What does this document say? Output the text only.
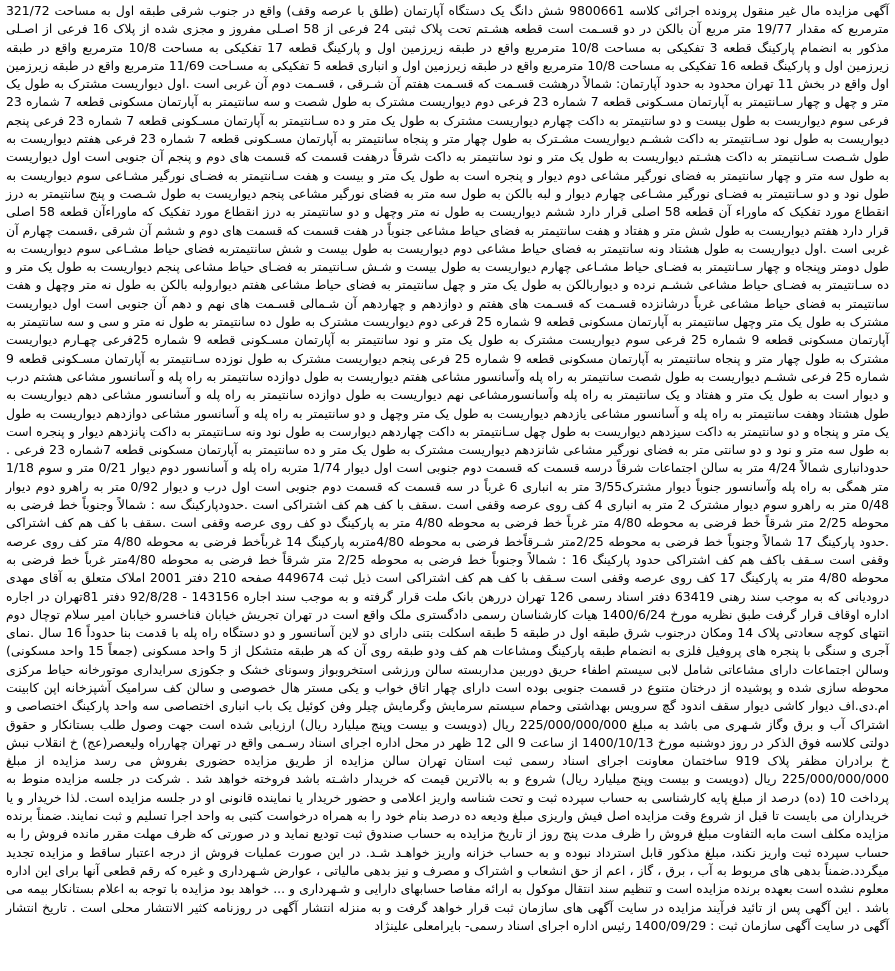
آگهی مزایده مال غیر منقول پرونده اجرائی کلاسه 9800661 شش دانگ یک دستگاه آپارتمان (طلق با عرصه وقف) واقع در جنوب شرقی طبقه اول به مساحت 321/72 مترمربع که مقدار 19/77 متر مربع آن بالکن در دو قسـمت است قطعه هشـتم تحت پلاک ثبتی 24 فرعی از 58 اصـلی مفروز و مجزی شده از پلاک 16 فرعی از اصـلی مذکور به انضمام پارکینگ قطعه 3 تفکیکی به مساحت 10/8 مترمربع واقع در طبقه زیرزمین اول و پارکینگ قطعه 17 تفکیکی به مساحت 10/8 مترمربع واقع در طبقه زیرزمین اول و پارکینگ قطعه 16 تفکیکی به مساحت 10/8 مترمربع واقع در طبقه زیرزمین اول و انباری قطعه 5 تفکیکی به مسـاحت 11/69 مترمربع واقع در طبقه زیرزمین اول واقع در بخش 11 تهران محدود به حدود آپارتمان: شمالاً درهشت قسـمت که قسـمت هفتم آن شـرقی ، قسـمت دوم آن غربی است .اول دیواریست مشترک به طول یک متر و چهل و چهار سـانتیمتر به آپارتمان مسـکونی قطعه 7 شماره 23 فرعی دوم دیواریست مشترک به طول شصت و سه سانتیمتر به آپارتمان مسکونی قطعه 7 شماره 23 فرعی سوم دیواریست به طول بیست و دو سانتیمتر به داکت چهارم دیواریست مشترک به طول یک متر و ده سـانتیمتر به آپارتمان مسـکونی قطعه 7 شماره 23 فرعی پنجم دیواریست به طول نود سـانتیمتر به داکت ششـم دیواریست مشـترک به طول چهار متر و پنجاه سانتیمتر به آپارتمان مسـکونی قطعه 7 شماره 23 فرعی هفتم دیواریست به طول شـصت سـانتیمتر به داکت هشـتم دیواریست به طول یک متر و نود سانتیمتر به داکت شرقاً درهفت قسمت که قسمت های دوم و پنجم آن جنوبی است اول دیواریست به طول سه متر و چهار سانتیمتر به فضای نورگیر مشاعی دوم دیوار و پنجره است به طول یک متر و بیست و هفت سـانتیمتر به فضـای نورگیر مشـاعی سوم دیواریست به طول نود و دو سـانتیمتر به فضـای نورگیر مشـاعی چهارم دیوار و لبه بالکن به طول سه متر به فضای نورگیر مشاعی پنجم دیواریست به طول شـصت و پنج سانتیمتر به درز انقطاع مورد تفکیک که ماوراء آن قطعه 58 اصلی قرار دارد ششم دیواریست به طول نه متر وچهل و دو سانتیمتر به درز انقطاع مورد تفکیک که ماوراءآن قطعه 58 اصلی قرار دارد هفتم دیواریست به طول شش متر و هفتاد و هفت سانتیمتر به فضای حیاط مشاعی جنوباً در هفت قسمت که قسمت های دوم و ششم آن شرقی ،قسمت چهارم آن غربی است .اول دیواریست به طول هشتاد ونه سانتیمتر به فضای حیاط مشاعی دوم دیواریست به طول بیست و شش سانتیمتربه فضای حیاط مشـاعی سوم دیواریست به طول دومتر وپنجاه و چهار سـانتیمتر به فضـای حیاط مشـاعی چهارم دیواریست به طول بیست و شـش سـانتیمتر به فضـای حیاط مشاعی پنجم دیواریست به طول یک متر و ده سـانتیمتر به فضـای حیاط مشاعی ششـم نرده و دیواربالکن به طول یک متر و چهل سانتیمتر به فضای حیاط مشاعی هفتم دیوارولبه بالکن به طول نه متر وچهل و هفت سانتیمتر به فضای حیاط مشاعی غرباً درشانزده قسـمت که قسـمت های هفتم و دوازدهم و چهاردهم آن شـمالی قسـمت های نهم و دهم آن جنوبی است اول دیواریست مشترک به طول یک متر وچهل سانتیمتر به آپارتمان مسکونی قطعه 9 شماره 25 فرعی دوم دیواریست مشترک به طول ده سانتیمتر به طول نه متر و سی و سه سانتیمتر به آپارتمان مسکونی قطعه 9 شماره 25 فرعی سوم دیواریست مشترک به طول یک متر و نود سانتیمتر به آپارتمان مسـکونی قطعه 9 شماره 25فرعی چهـارم دیواریست مشترک به طول چهار متر و پنجاه سانتیمتر به آپارتمان مسکونی قطعه 9 شماره 25 فرعی پنجم دیواریست مشترک به طول نوزده سـانتیمتر به آپارتمان مسـکونی قطعه 9 شماره 25 فرعی ششـم دیواریست به طول شصت سانتیمتر به راه پله وآسانسور مشاعی هفتم دیواریست به طول دوازده سانتیمتر به راه پله و آسانسور مشاعی هشتم درب و دیوار است به طول یک متر و هفتاد و یک سانتیمتر به راه پله وآسانسورمشاعی نهم دیواریست به طول دوازده سانتیمتر به راه پله و آسانسور مشاعی دهم دیواریست به طول هشتاد وهفت سانتیمتر به راه پله و آسانسور مشاعی یازدهم دیواریست به طول یک متر وچهل و دو سانتیمتر به راه پله و آسانسور مشاعی دوازدهم دیواریست به طول یک متر و پنجاه و دو سانتیمتر به داکت سیزدهم دیواریست به طول چهل سـانتیمتر به داکت چهاردهم دیوارست به طول نود ونه سـانتیمتر به داکت پانزدهم دیوار و پنجره است به طول سه متر و نود و دو سانتی متر به فضای نورگیر مشاعی شانزدهم دیواریست مشترک به طول یک متر و ده سانتیمتر به آپارتمان مسکونی قطعه 7شماره 23 فرعی . حدودانباری شمالاً 4/24 متر به سالن اجتماعات شرقاً درسه قسمت که قسمت دوم جنوبی است اول دیوار 1/74 متربه راه پله و آسانسور دوم دیوار 0/21 متر و سوم 1/18 متر همگی به راه پله وآسانسور جنوباً دیوار مشترک3/55 متر به انباری 6 غرباً در سه قسمت که قسمت دوم جنوبی است اول درب و دیوار 0/92 متر به راهرو دوم دیوار 0/48 متر به راهرو سوم دیوار مشترک 2 متر به انباری 4 کف روی عرصه وقفی است .سقف با کف هم کف اشتراکی است .حدودپارکینگ سه : شمالاً وجنوباً خط فرضی به محوطه 2/25 متر شرقاً خط فرضی به محوطه 4/80 متر غرباً خط فرضی به محوطه 4/80 متر به پارکینگ دو کف روی عرصه وقفی است .سقف با کف هم کف اشتراکی .حدود پارکینگ 17 شمالاً وجنوباً خط فرضی به محوطه 2/25متر شـرقاًخط فرضی به محوطه 4/80متربه پارکینگ 14 غرباًخط فرضی به محوطه 4/80 متر کف روی عرصه وقفی است سـقف باکف هم کف اشتراکی حدود پارکینگ 16 : شمالاً وجنوباً خط فرضی به محوطه 2/25 متر شرقاً خط فرضی به محوطه 4/80متر غرباً خط فرضی به محوطه 4/80 متر به پارکینگ 17 کف روی عرصه وقفی است سـقف با کف هم کف اشتراکی است ذیل ثبت 449674 صفحه 210 دفتر 2001 املاک متعلق به آقای مهدی درودیانی که به موجب سند رهنی 63419 دفتر اسناد رسمی 126 تهران دررهن بانک ملت قرار گرفته و به موجب سند اجاره 143156 - 92/8/28 دفتر 81تهران در اجاره اداره اوقاف قرار گرفت طبق نظریه مورخ 1400/6/24 هیات کارشناسان رسمی دادگستری ملک واقع است در تهران تجریش خیابان فناخسرو خیابان امیر سلام توچال دوم انتهای کوچه سعادتی پلاک 14 ومکان درجنوب شرق طبقه اول در طبقه 5 طبقه اسکلت بتنی دارای دو لاین آسانسور و دو دستگاه راه پله با قدمت بنا حدوداً 16 سال .نمای آجری و سنگی با پنجره های پروفیل فلزی به انضمام طبقه پارکینگ ومشاعات هم کف ودو طبقه روی آن که هر طبقه متشکل از 5 واحد مسکونی (جمعاً 15 واحد مسکونی) وسالن اجتماعات دارای مشاعاتی شامل لابی سیستم اطفاء حریق دوربین مداربسته سالن ورزشی استخروبواز وسونای خشک و جکوزی سرایداری موتورخانه حیاط مرکزی محوطه سازی شده و پوشیده از درختان متنوع در قسمت جنوبی بوده است دارای چهار اتاق خواب و یکی مستر هال خصوصی و سالن کف سرامیک آشپزخانه اپن کابینت ام.دی.اف دیوار کاشی دیوار سقف اندود گچ سرویس بهداشتی وحمام سیستم سرمایش وگرمایش چیلر وفن کوئیل یک باب انباری اختصاصی سه واحد پارکینگ اختصاصی و اشتراک آب و برق وگاز شـهری می باشد به مبلغ 225/000/000/000 ریال (دویست و بیست وپنج میلیارد ریال) ارزیابی شده است جهت وصول طلب بستانکار و حقوق دولتی کلاسه فوق الذکر در روز دوشنبه مورخ 1400/10/13 از ساعت 9 الی 12 ظهر در محل اداره اجرای اسناد رسـمی واقع در تهران چهارراه ولیعصر(عج) خ انقلاب نبش خ برادران مظفر پلاک 919 ساختمان معاونت اجرای اسناد رسمی ثبت استان تهران سالن مزایده از طریق مزایده حضوری بفروش می رسد مزایده از مبلغ 225/000/000/000 ریال (دویست و بیست وپنج میلیارد ریال) شروع و به بالاترین قیمت که خریدار داشـته باشد فروخته خواهد شد . شرکت در جلسه مزایده منوط به پرداخت 10 (ده) درصد از مبلغ پایه کارشناسی به حساب سپرده ثبت و تحت شناسه واریز اعلامی و حضور خریدار یا نماینده قانونی او در جلسه مزایده است. لذا خریدار و یا خریداران می بایست تا قبل از شروع وقت مزایده اصل فیش واریزی مبلغ ودیعه ده درصد بنام خود را به همراه درخواست کتبی به واحد اجرا تسلیم و ثبت نمایند. ضمناً برنده مزایده مکلف است مابه التفاوت مبلغ فروش را ظرف مدت پنج روز از تاریخ مزایده به حساب صندوق ثبت تودیع نماید و در صورتی که ظرف مهلت مقرر مانده فروش را به حساب سپرده ثبت واریز نکند، مبلغ مذکور قابل استرداد نبوده و به حساب خزانه واریز خواهـد شـد. در این صورت عملیات فروش از درجه اعتبار ساقط و مزایده تجدید میگردد.ضمناً بدهی های مربوط به آب ، برق ، گاز ، اعم از حق انشعاب و اشتراک و مصرف و نیز بدهی مالیاتی ، عوارض شـهرداری و غیره که رقم قطعی آنها برای این اداره معلوم نشده است بعهده برنده مزایده است و تنظیم سند انتقال موکول به ارائه مفاصا حسابهای دارایی و شـهرداری و ... خواهد بود مزایده با توجه به اعلام بستانکار بیمه می باشد . این آگهی پس از تائید فرآیند مزایده در سایت آگهی های سازمان ثبت قرار خواهد گرفت و به منزله انتشار آگهی در روزنامه کثیر الانتشار محلی است . تاریخ انتشار آگهی در سایت آگهی سازمان ثبت : 1400/09/29 رئیس اداره اجرای اسناد رسمی- بایرامعلی علینژاد
